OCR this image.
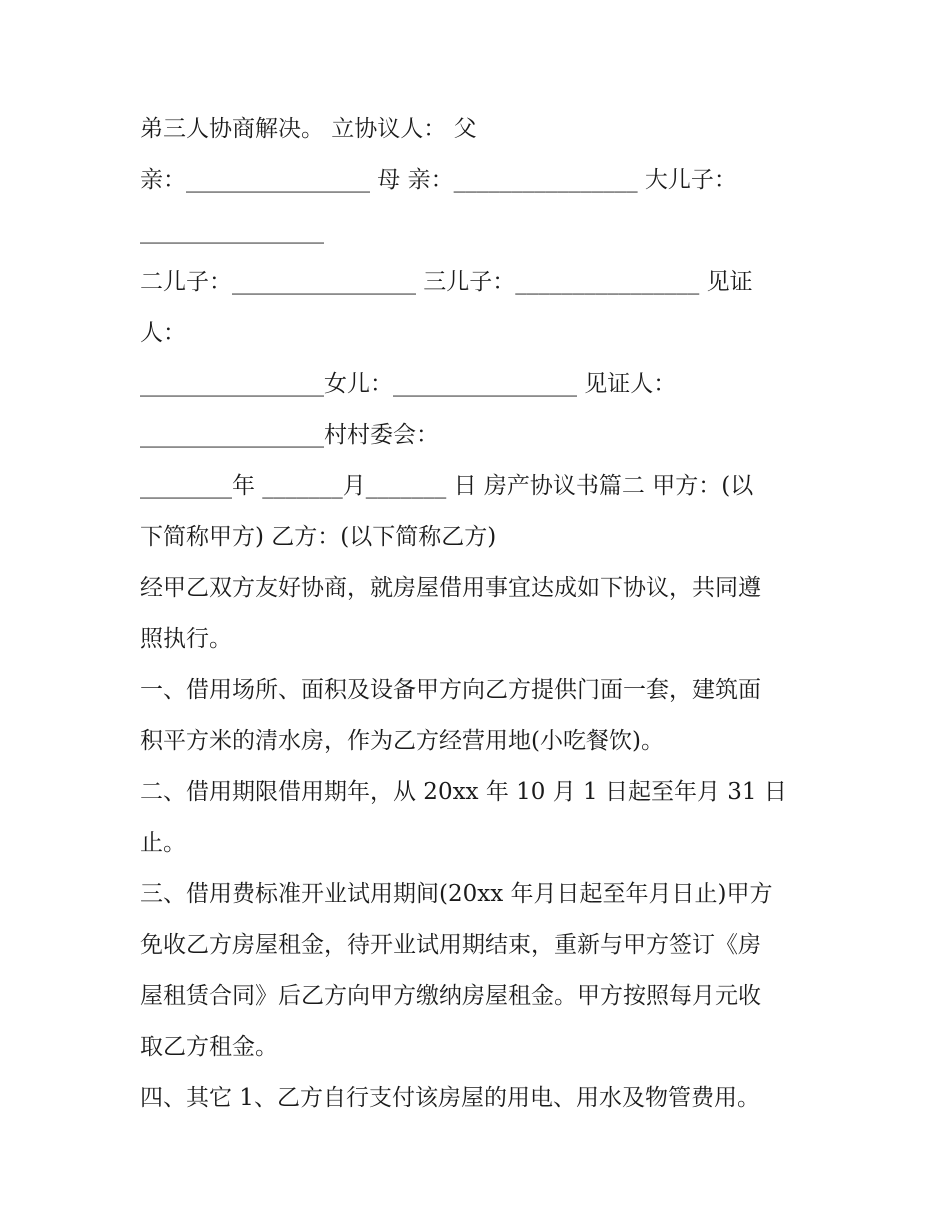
弟三人协商解决。 立协议人： 父
亲：________________ 母 亲：________________ 大儿子：
________________
二儿子：________________ 三儿子：________________ 见证
人：
________________女儿：________________ 见证人：
________________村村委会：
________年 _______月_______ 日 房产协议书篇二 甲方：(以
下简称甲方) 乙方：(以下简称乙方)
经甲乙双方友好协商，就房屋借用事宜达成如下协议，共同遵
照执行。
一、借用场所、面积及设备甲方向乙方提供门面一套，建筑面
积平方米的清水房，作为乙方经营用地(小吃餐饮)。
二、借用期限借用期年，从 20xx 年 10 月 1 日起至年月 31 日
止。
三、借用费标准开业试用期间(20xx 年月日起至年月日止)甲方
免收乙方房屋租金，待开业试用期结束，重新与甲方签订《房
屋租赁合同》后乙方向甲方缴纳房屋租金。甲方按照每月元收
取乙方租金。
四、其它 1、乙方自行支付该房屋的用电、用水及物管费用。
